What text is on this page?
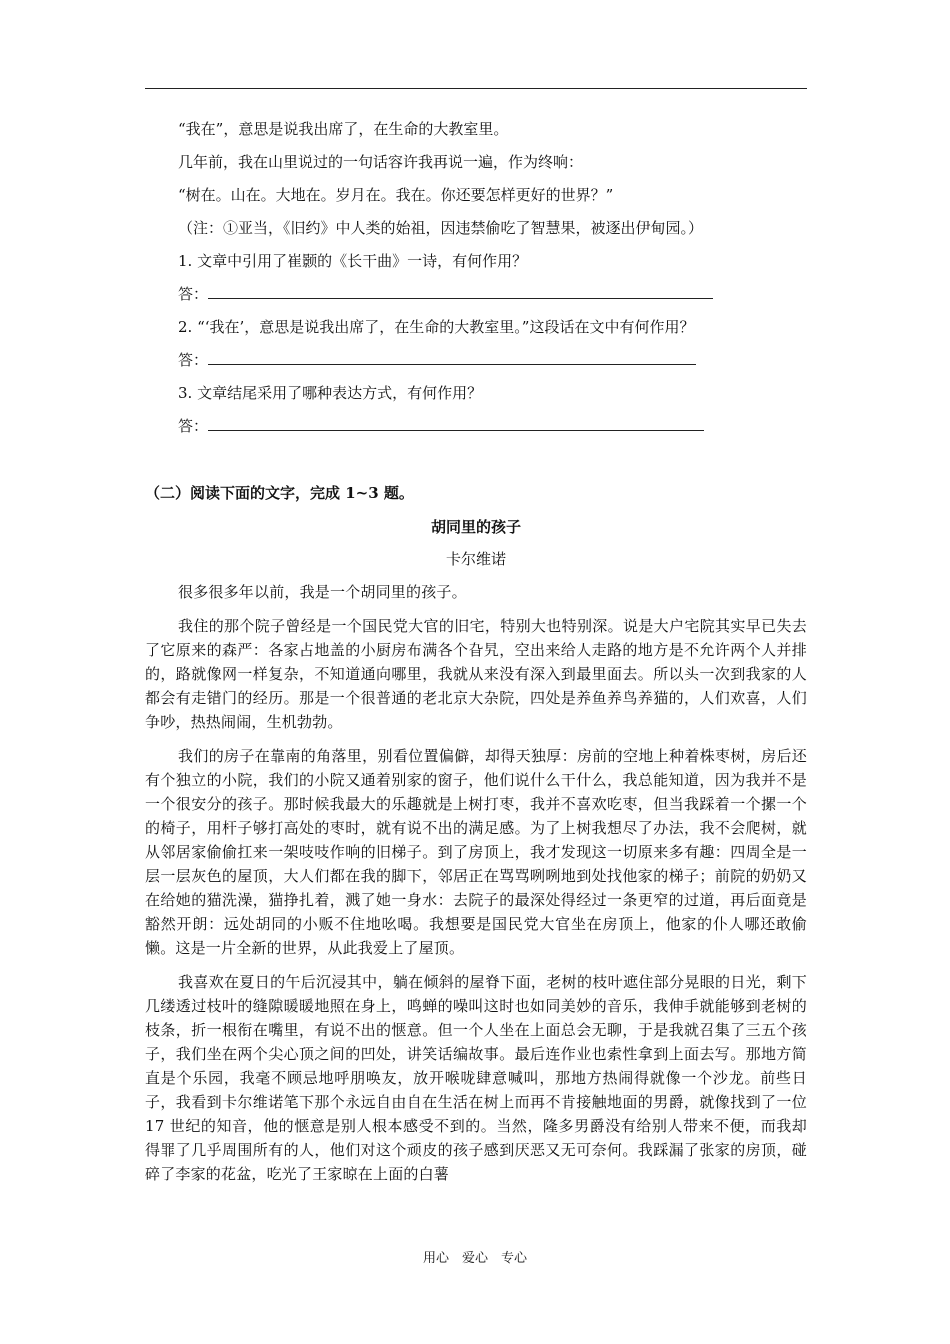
“我在”，意思是说我出席了，在生命的大教室里。

几年前，我在山里说过的一句话容许我再说一遍，作为终响：

“树在。山在。大地在。岁月在。我在。你还要怎样更好的世界？”

（注：①亚当，《旧约》中人类的始祖，因违禁偷吃了智慧果，被逐出伊甸园。）

1. 文章中引用了崔颢的《长干曲》一诗，有何作用？

答：

2. “‘我在’，意思是说我出席了，在生命的大教室里。”这段话在文中有何作用？

答：

3. 文章结尾采用了哪种表达方式，有何作用？

答：

（二）阅读下面的文字，完成 1~3 题。

胡同里的孩子
卡尔维诺

很多很多年以前，我是一个胡同里的孩子。

我住的那个院子曾经是一个国民党大官的旧宅，特别大也特别深。说是大户宅院其实早已失去了它原来的森严：各家占地盖的小厨房布满各个旮旯，空出来给人走路的地方是不允许两个人并排的，路就像网一样复杂，不知道通向哪里，我就从来没有深入到最里面去。所以头一次到我家的人都会有走错门的经历。那是一个很普通的老北京大杂院，四处是养鱼养鸟养猫的，人们欢喜，人们争吵，热热闹闹，生机勃勃。

我们的房子在靠南的角落里，别看位置偏僻，却得天独厚：房前的空地上种着株枣树，房后还有个独立的小院，我们的小院又通着别家的窗子，他们说什么干什么，我总能知道，因为我并不是一个很安分的孩子。那时候我最大的乐趣就是上树打枣，我并不喜欢吃枣，但当我踩着一个摞一个的椅子，用杆子够打高处的枣时，就有说不出的满足感。为了上树我想尽了办法，我不会爬树，就从邻居家偷偷扛来一架吱吱作响的旧梯子。到了房顶上，我才发现这一切原来多有趣：四周全是一层一层灰色的屋顶，大人们都在我的脚下，邻居正在骂骂咧咧地到处找他家的梯子；前院的奶奶又在给她的猫洗澡，猫挣扎着，溅了她一身水：去院子的最深处得经过一条更窄的过道，再后面竟是豁然开朗：远处胡同的小贩不住地吆喝。我想要是国民党大官坐在房顶上，他家的仆人哪还敢偷懒。这是一片全新的世界，从此我爱上了屋顶。

我喜欢在夏日的午后沉浸其中，躺在倾斜的屋脊下面，老树的枝叶遮住部分晃眼的日光，剩下几缕透过枝叶的缝隙暖暖地照在身上，鸣蝉的噪叫这时也如同美妙的音乐，我伸手就能够到老树的枝条，折一根衔在嘴里，有说不出的惬意。但一个人坐在上面总会无聊，于是我就召集了三五个孩子，我们坐在两个尖心顶之间的凹处，讲笑话编故事。最后连作业也索性拿到上面去写。那地方简直是个乐园，我毫不顾忌地呼朋唤友，放开喉咙肆意喊叫，那地方热闹得就像一个沙龙。前些日子，我看到卡尔维诺笔下那个永远自由自在生活在树上而再不肯接触地面的男爵，就像找到了一位 17 世纪的知音，他的惬意是别人根本感受不到的。当然，隆多男爵没有给别人带来不便，而我却得罪了几乎周围所有的人，他们对这个顽皮的孩子感到厌恶又无可奈何。我踩漏了张家的房顶，碰碎了李家的花盆，吃光了王家晾在上面的白薯

用心　爱心　专心
